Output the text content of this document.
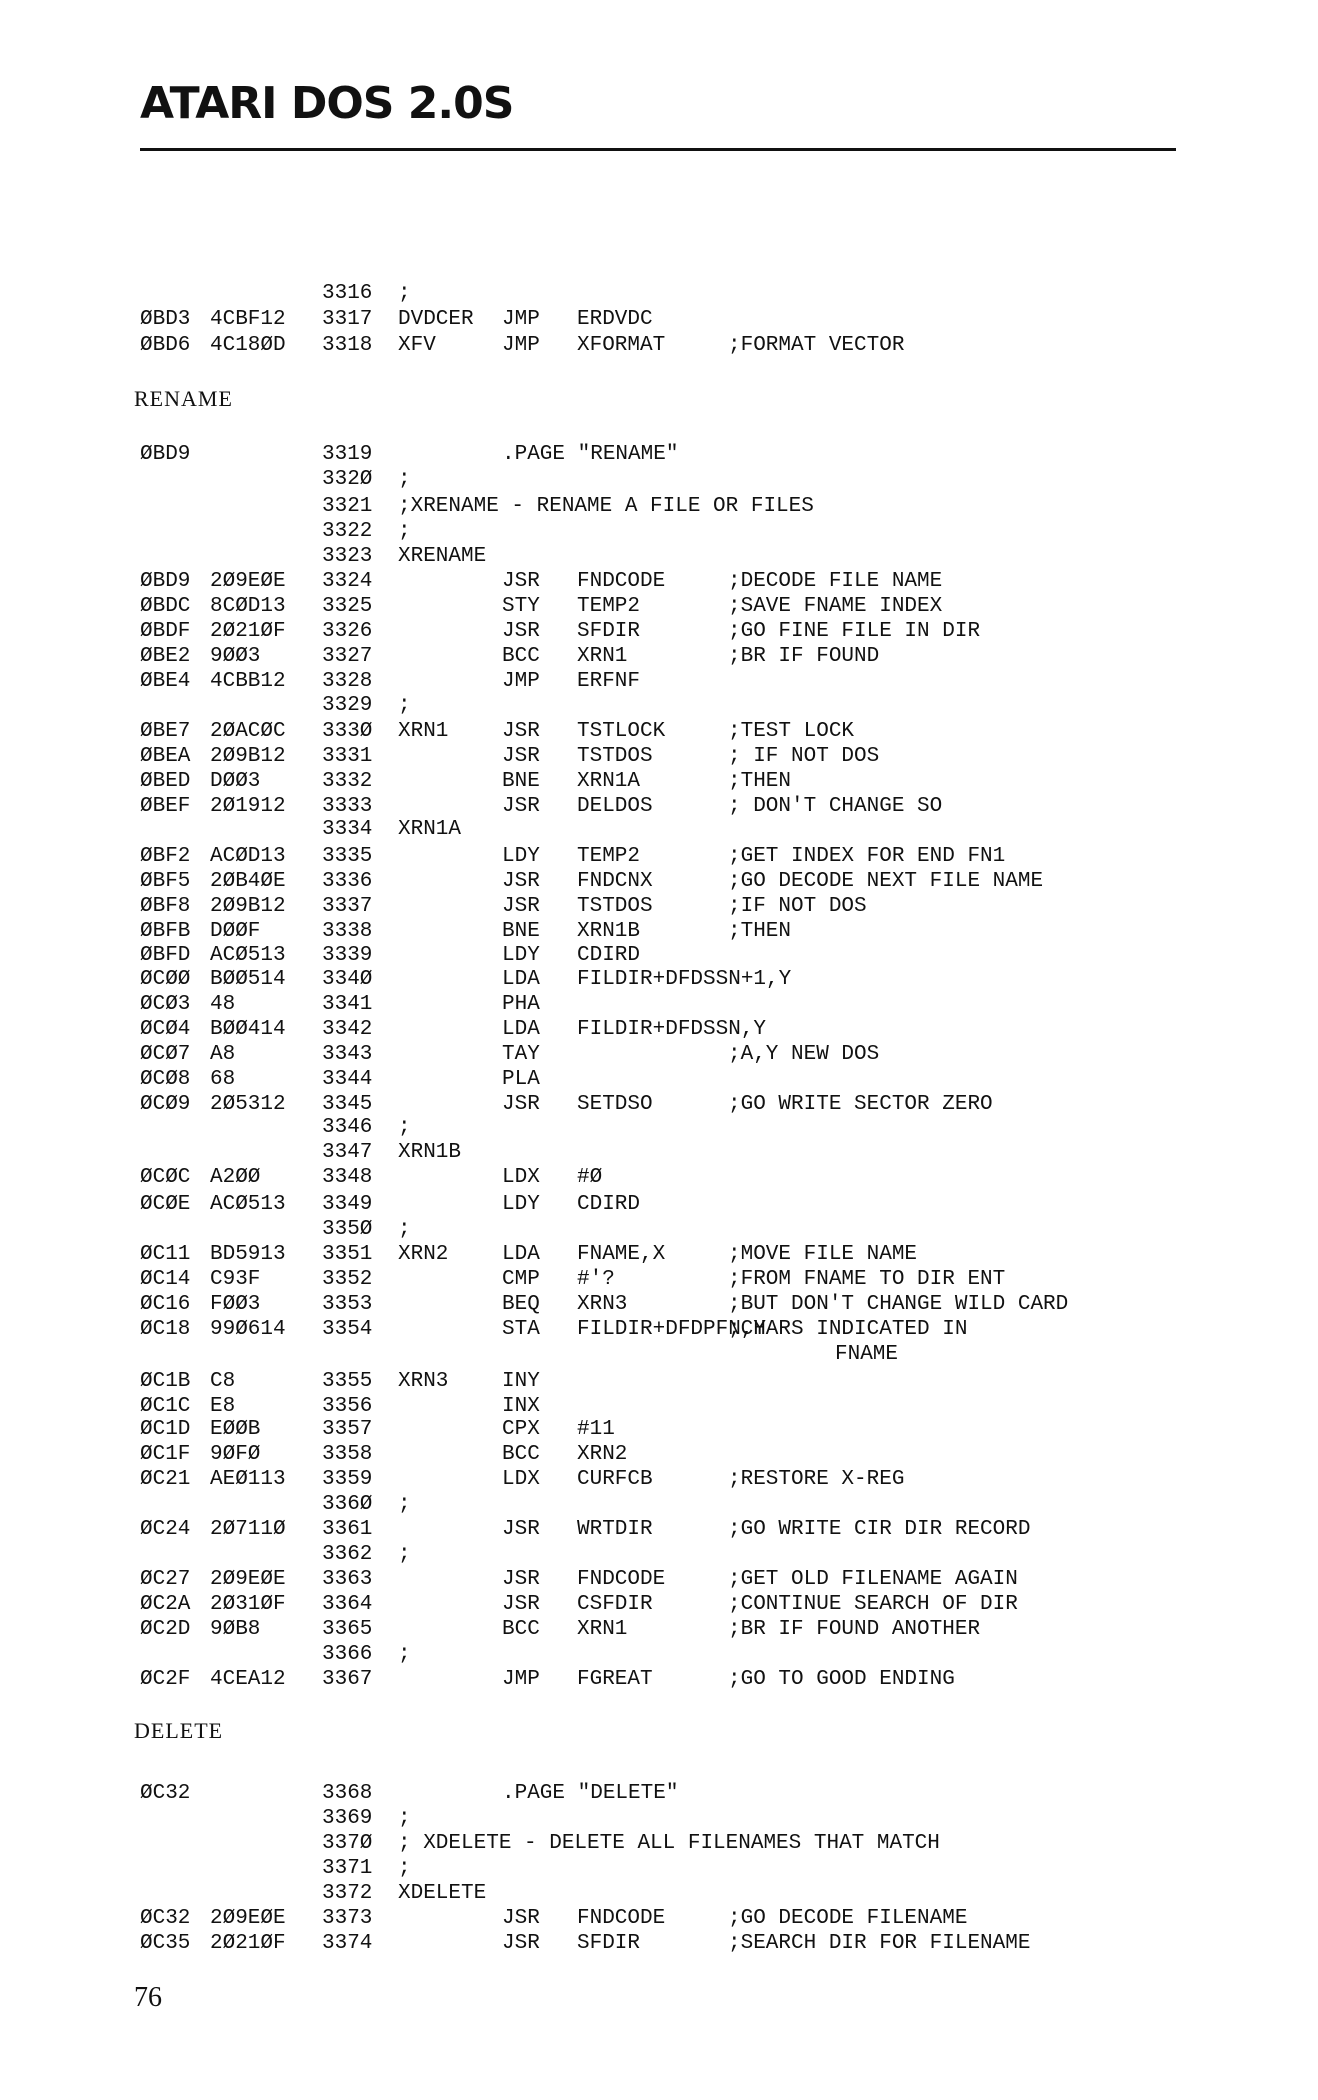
ATARI DOS 2.0S
RENAME
DELETE
3316 ;
ØBD3 4CBF12 3317 DVDCER JMP ERDVDC
ØBD6 4C18ØD 3318 XFV	JMP XFORMAT	;FORMAT VECTOR
ØBD9	3319	.PAGE "RENAME"
332Ø ;
3321 ;XRENAME - RENAME A FILE OR FILES
3322 ;
3323 XRENAME
ØBD9 2Ø9EØE 3324	JSR FNDCODE	;DECODE FILE NAME
ØBDC 8CØD13 3325	STY TEMP2	;SAVE FNAME INDEX
ØBDF 2Ø21ØF 3326	JSR SFDIR	;GO FINE FILE IN DIR
ØBE2 9ØØ3	3327	BCC XRN1	;BR IF FOUND
ØBE4 4CBB12 3328	JMP ERFNF
3329 ;
ØBE7 2ØACØC 333Ø XRN1	JSR TSTLOCK	;TEST LOCK
ØBEA 2Ø9B12 3331	JSR TSTDOS	; IF NOT DOS
ØBED DØØ3	3332	BNE XRN1A	;THEN
ØBEF 2Ø1912 3333	JSR DELDOS	; DON'T CHANGE SO
3334 XRN1A
ØBF2 ACØD13 3335	LDY TEMP2	;GET INDEX FOR END FN1
ØBF5 2ØB4ØE 3336	JSR FNDCNX	;GO DECODE NEXT FILE NAME
ØBF8 2Ø9B12 3337	JSR TSTDOS	;IF NOT DOS
ØBFB DØØF	3338	BNE XRN1B	;THEN
ØBFD ACØ513 3339	LDY CDIRD
ØCØØ BØØ514 334Ø	LDA FILDIR+DFDSSN+1,Y
ØCØ3 48	3341	PHA
ØCØ4 BØØ414 3342	LDA FILDIR+DFDSSN,Y
ØCØ7 A8	3343	TAY	;A,Y NEW DOS
ØCØ8 68	3344	PLA
ØCØ9 2Ø5312 3345	JSR SETDSO	;GO WRITE SECTOR ZERO
3346 ;
3347 XRN1B
ØCØC A2ØØ	3348	LDX #Ø
ØCØE ACØ513 3349	LDY CDIRD
335Ø ;
ØC11 BD5913 3351 XRN2	LDA FNAME,X	;MOVE FILE NAME
ØC14 C93F	3352	CMP #'?	;FROM FNAME TO DIR ENT
ØC16 FØØ3	3353	BEQ XRN3	;BUT DON'T CHANGE WILD CARD
ØC18 99Ø614 3354	STA FILDIR+DFDPFN,Y
;CHARS INDICATED IN
FNAME
ØC1B C8	3355 XRN3	INY
ØC1C E8	3356	INX
ØC1D EØØB	3357	CPX #11
ØC1F 9ØFØ	3358	BCC XRN2
ØC21 AEØ113 3359	LDX CURFCB	;RESTORE X-REG
336Ø ;
ØC24 2Ø711Ø 3361	JSR WRTDIR	;GO WRITE CIR DIR RECORD
3362 ;
ØC27 2Ø9EØE 3363	JSR FNDCODE	;GET OLD FILENAME AGAIN
ØC2A 2Ø31ØF 3364	JSR CSFDIR	;CONTINUE SEARCH OF DIR
ØC2D 9ØB8	3365	BCC XRN1	;BR IF FOUND ANOTHER
3366 ;
ØC2F 4CEA12 3367	JMP FGREAT	;GO TO GOOD ENDING
ØC32	3368	.PAGE "DELETE"
3369 ;
337Ø ; XDELETE - DELETE ALL FILENAMES THAT MATCH
3371 ;
3372 XDELETE
ØC32 2Ø9EØE 3373	JSR FNDCODE	;GO DECODE FILENAME
ØC35 2Ø21ØF 3374	JSR SFDIR	;SEARCH DIR FOR FILENAME
76
